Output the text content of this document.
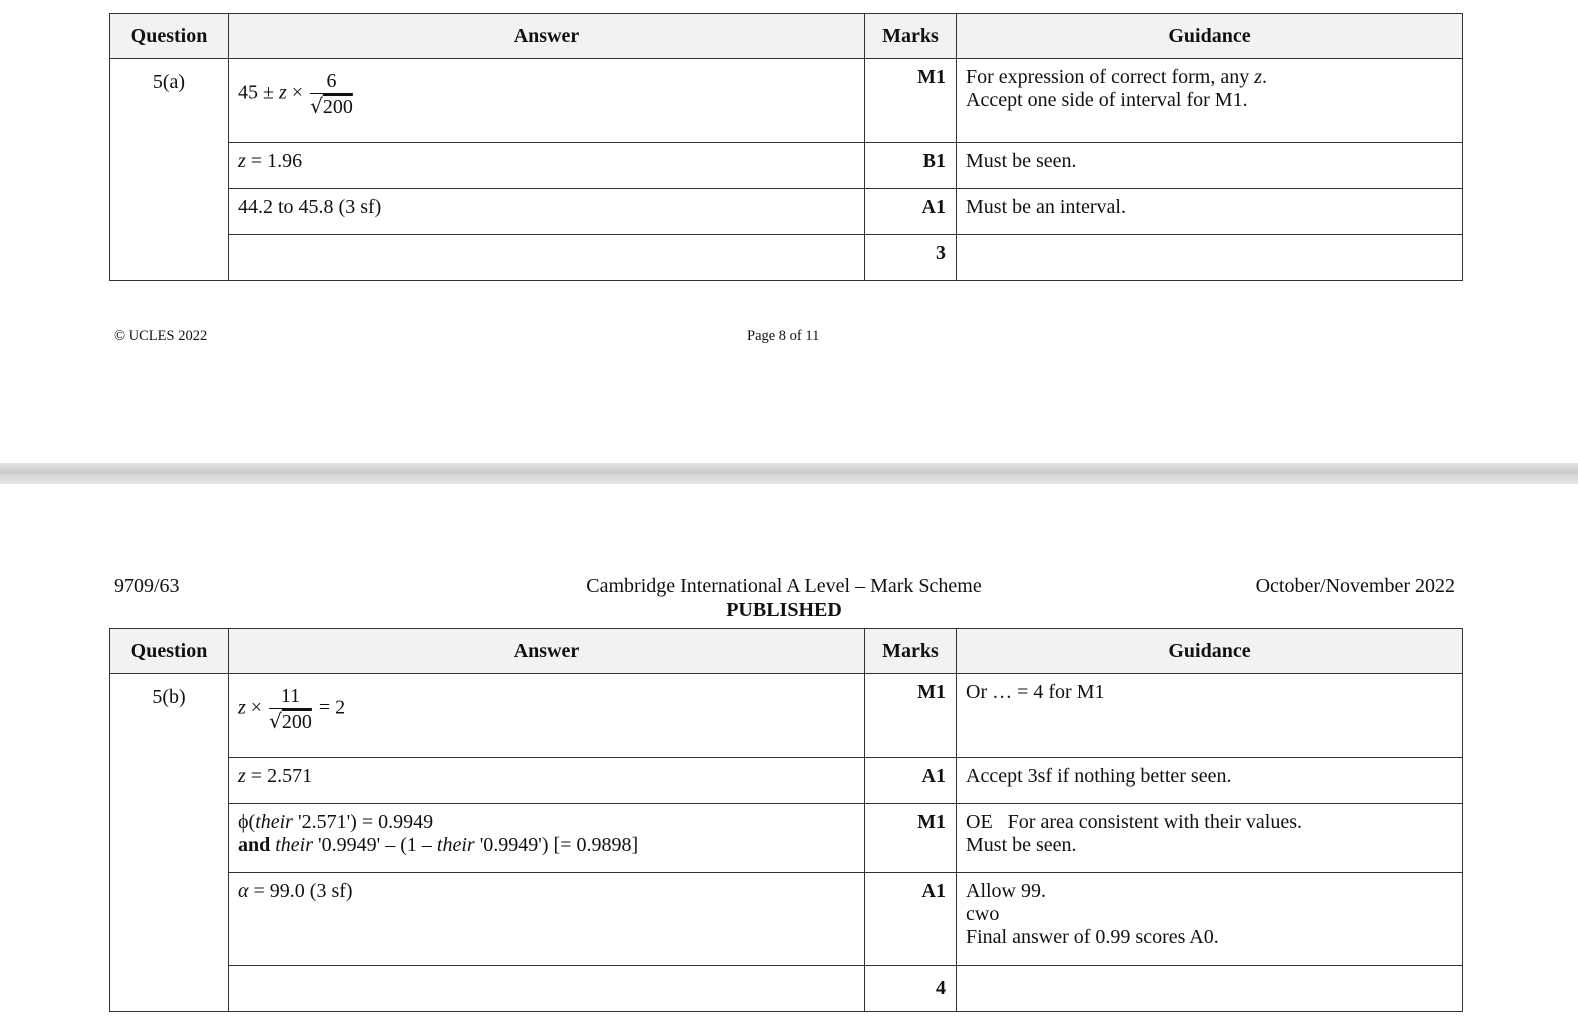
Question	Answer	Marks	Guidance
5(a)	$45 \pm z \times \frac{6}{√200}$	M1	For expression of correct form, any z.
Accept one side of interval for M1.
	z = 1.96	B1	Must be seen.
	44.2 to 45.8 (3 sf)	A1	Must be an interval.
		3	
© UCLES 2022	Page 8 of 11
9709/63	Cambridge International A Level – Mark Scheme
PUBLISHED
October/November 2022
Question	Answer	Marks	Guidance
5(b)	$z \times \frac{11}{√200} = 2$	M1	Or … = 4 for M1
	z = 2.571	A1	Accept 3sf if nothing better seen.
	ϕ(their '2.571') = 0.9949
and their '0.9949' – (1 – their '0.9949') [= 0.9898]	M1	OE   For area consistent with their values.
Must be seen.
	α = 99.0 (3 sf)	A1	Allow 99.
cwo
Final answer of 0.99 scores A0.
		4	
